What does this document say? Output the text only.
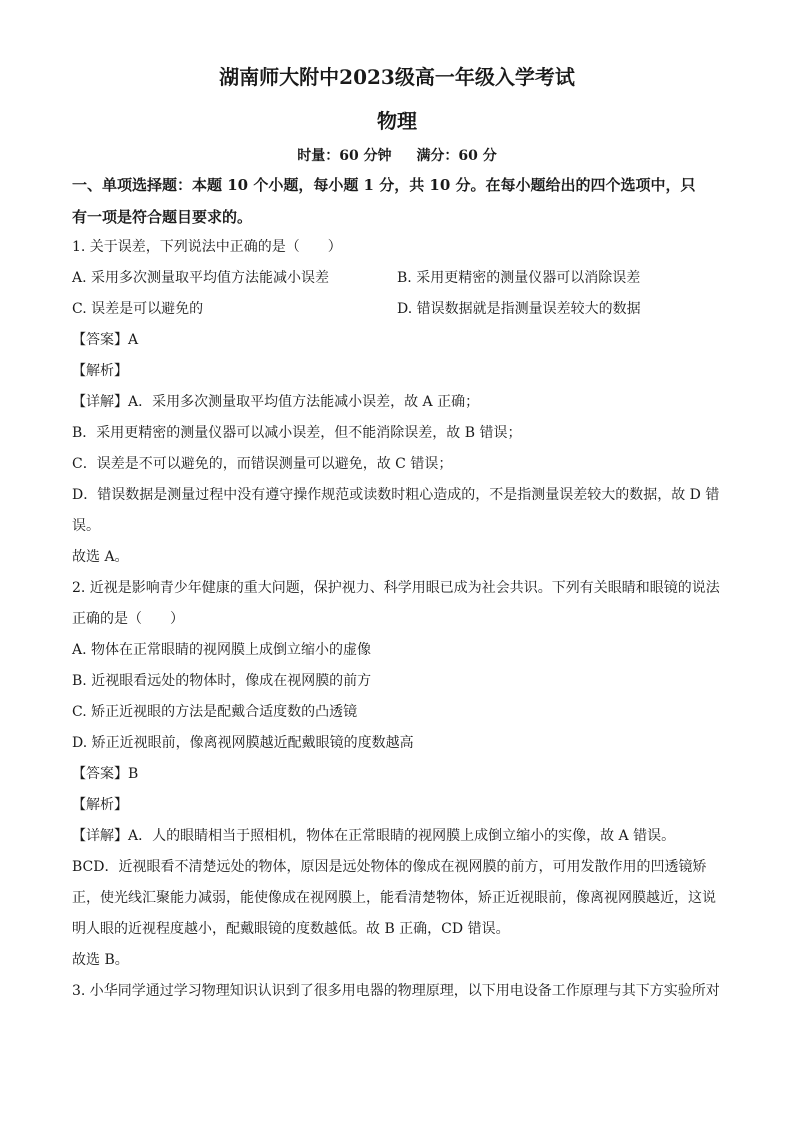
湖南师大附中2023级高一年级入学考试
物理
时量：60 分钟 满分：60 分
一、单项选择题：本题 10 个小题，每小题 1 分，共 10 分。在每小题给出的四个选项中，只
有一项是符合题目要求的。
1. 关于误差，下列说法中正确的是（　　）
A. 采用多次测量取平均值方法能减小误差	B. 采用更精密的测量仪器可以消除误差
C. 误差是可以避免的	D. 错误数据就是指测量误差较大的数据
【答案】A
【解析】
【详解】A．采用多次测量取平均值方法能减小误差，故 A 正确；
B．采用更精密的测量仪器可以减小误差，但不能消除误差，故 B 错误；
C．误差是不可以避免的，而错误测量可以避免，故 C 错误；
D．错误数据是测量过程中没有遵守操作规范或读数时粗心造成的，不是指测量误差较大的数据，故 D 错
误。
故选 A。
2. 近视是影响青少年健康的重大问题，保护视力、科学用眼已成为社会共识。下列有关眼睛和眼镜的说法
正确的是（　　）
A. 物体在正常眼睛的视网膜上成倒立缩小的虚像
B. 近视眼看远处的物体时，像成在视网膜的前方
C. 矫正近视眼的方法是配戴合适度数的凸透镜
D. 矫正近视眼前，像离视网膜越近配戴眼镜的度数越高
【答案】B
【解析】
【详解】A．人的眼睛相当于照相机，物体在正常眼睛的视网膜上成倒立缩小的实像，故 A 错误。
BCD．近视眼看不清楚远处的物体，原因是远处物体的像成在视网膜的前方，可用发散作用的凹透镜矫
正，使光线汇聚能力减弱，能使像成在视网膜上，能看清楚物体，矫正近视眼前，像离视网膜越近，这说
明人眼的近视程度越小，配戴眼镜的度数越低。故 B 正确，CD 错误。
故选 B。
3. 小华同学通过学习物理知识认识到了很多用电器的物理原理，以下用电设备工作原理与其下方实验所对
